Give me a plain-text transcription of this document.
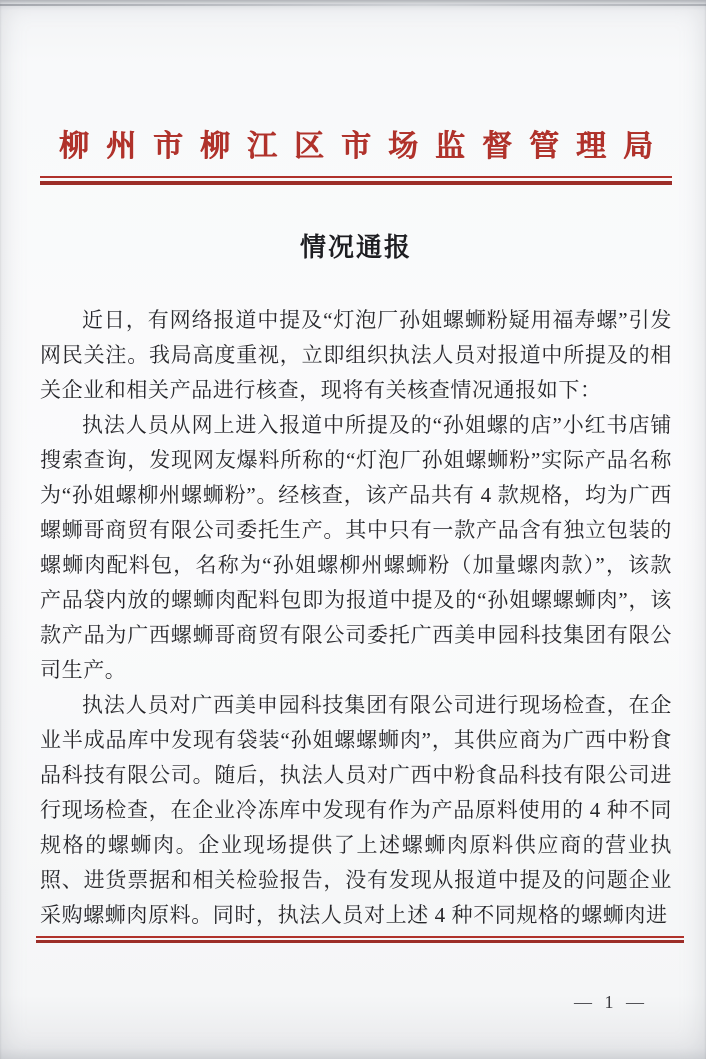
柳州市柳江区市场监督管理局
情况通报

近日，有网络报道中提及“灯泡厂孙姐螺蛳粉疑用福寿螺”引发网民关注。我局高度重视，立即组织执法人员对报道中所提及的相关企业和相关产品进行核查，现将有关核查情况通报如下：

执法人员从网上进入报道中所提及的“孙姐螺的店”小红书店铺搜索查询，发现网友爆料所称的“灯泡厂孙姐螺蛳粉”实际产品名称为“孙姐螺柳州螺蛳粉”。经核查，该产品共有 4 款规格，均为广西螺蛳哥商贸有限公司委托生产。其中只有一款产品含有独立包装的螺蛳肉配料包，名称为“孙姐螺柳州螺蛳粉（加量螺肉款）”，该款产品袋内放的螺蛳肉配料包即为报道中提及的“孙姐螺螺蛳肉”，该款产品为广西螺蛳哥商贸有限公司委托广西美申园科技集团有限公司生产。

执法人员对广西美申园科技集团有限公司进行现场检查，在企业半成品库中发现有袋装“孙姐螺螺蛳肉”，其供应商为广西中粉食品科技有限公司。随后，执法人员对广西中粉食品科技有限公司进行现场检查，在企业冷冻库中发现有作为产品原料使用的 4 种不同规格的螺蛳肉。企业现场提供了上述螺蛳肉原料供应商的营业执照、进货票据和相关检验报告，没有发现从报道中提及的问题企业采购螺蛳肉原料。同时，执法人员对上述 4 种不同规格的螺蛳肉进

— 1 —
